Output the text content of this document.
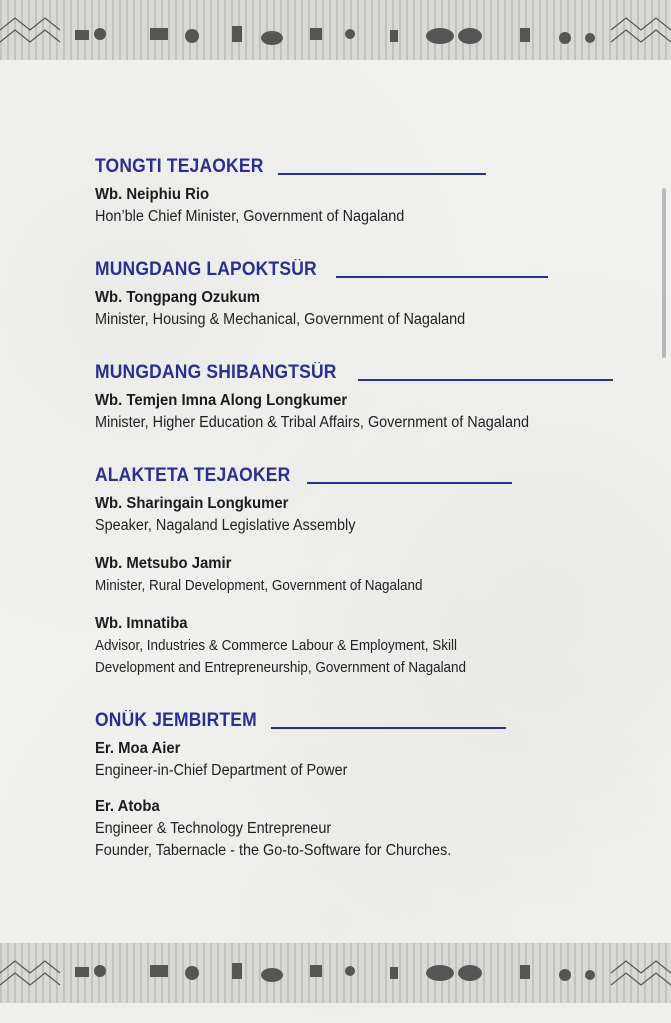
TONGTI TEJAOKER
Wb. Neiphiu Rio
Hon’ble Chief Minister, Government of Nagaland
MUNGDANG LAPOKTSÜR
Wb. Tongpang Ozukum
Minister, Housing & Mechanical, Government of Nagaland
MUNGDANG SHIBANGTSÜR
Wb. Temjen Imna Along Longkumer
Minister, Higher Education & Tribal Affairs, Government of Nagaland
ALAKTETA TEJAOKER
Wb. Sharingain Longkumer
Speaker, Nagaland Legislative Assembly
Wb. Metsubo Jamir
Minister, Rural Development, Government of Nagaland
Wb. Imnatiba
Advisor, Industries & Commerce Labour & Employment, Skill
Development and Entrepreneurship, Government of Nagaland
ONÜK JEMBIRTEM
Er. Moa Aier
Engineer-in-Chief Department of Power
Er. Atoba
Engineer & Technology Entrepreneur
Founder, Tabernacle - the Go-to-Software for Churches.
